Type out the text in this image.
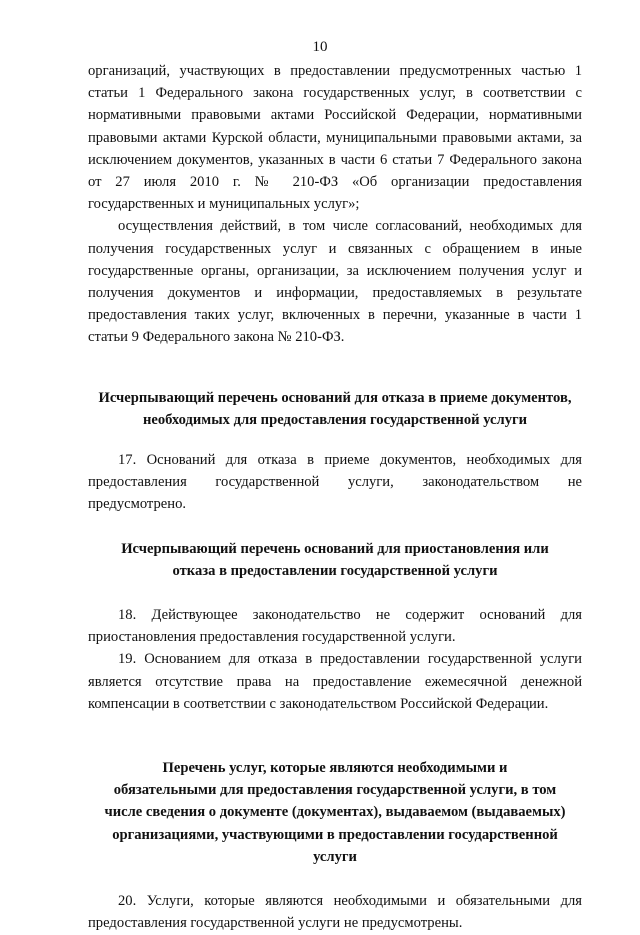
10

организаций, участвующих в предоставлении предусмотренных частью 1 статьи 1 Федерального закона государственных услуг, в соответствии с нормативными правовыми актами Российской Федерации, нормативными правовыми актами Курской области, муниципальными правовыми актами, за исключением документов, указанных в части 6 статьи 7 Федерального закона от 27 июля 2010 г. № 210-ФЗ «Об организации предоставления государственных и муниципальных услуг»;

осуществления действий, в том числе согласований, необходимых для получения государственных услуг и связанных с обращением в иные государственные органы, организации, за исключением получения услуг и получения документов и информации, предоставляемых в результате предоставления таких услуг, включенных в перечни, указанные в части 1 статьи 9 Федерального закона № 210-ФЗ.

Исчерпывающий перечень оснований для отказа в приеме документов, необходимых для предоставления государственной услуги

17. Оснований для отказа в приеме документов, необходимых для предоставления государственной услуги, законодательством не предусмотрено.

Исчерпывающий перечень оснований для приостановления или

отказа в предоставлении государственной услуги

18. Действующее законодательство не содержит оснований для приостановления предоставления государственной услуги.

19. Основанием для отказа в предоставлении государственной услуги является отсутствие права на предоставление ежемесячной денежной компенсации в соответствии с законодательством Российской Федерации.

Перечень услуг, которые являются необходимыми и

обязательными для предоставления государственной услуги, в том

числе сведения о документе (документах), выдаваемом (выдаваемых)

организациями, участвующими в предоставлении государственной

услуги

20. Услуги, которые являются необходимыми и обязательными для предоставления государственной услуги не предусмотрены.
